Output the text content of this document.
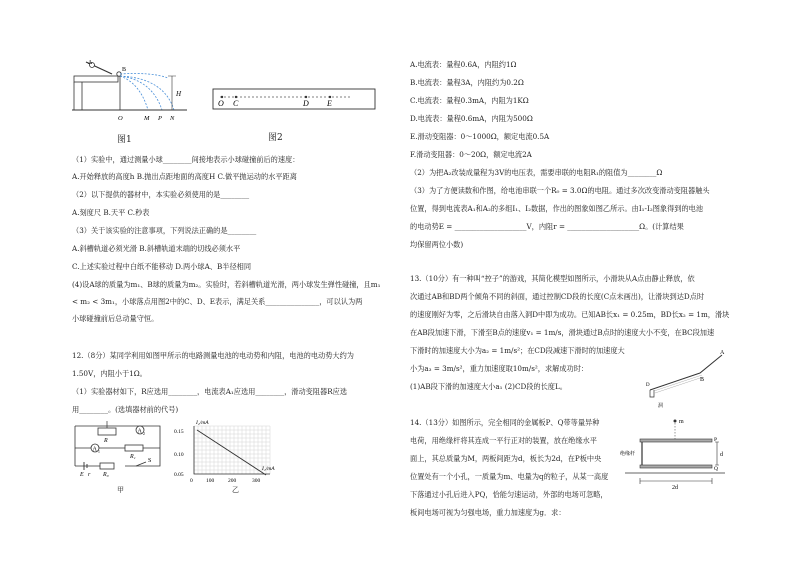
A
B
H
O	M P N
图1
O C	D E
图2
（1）实验中，通过测量小球________间接地表示小球碰撞前后的速度：
A.开始释放的高度h B.抛出点距地面的高度H C.做平抛运动的水平距离
（2）以下提供的器材中，本实验必须使用的是________
A.刻度尺 B.天平 C.秒表
（3）关于该实验的注意事项，下列说法正确的是________
A.斜槽轨道必须光滑 B.斜槽轨道末端的切线必须水平
C.上述实验过程中白纸不能移动 D.两小球A、B半径相同
(4)设A球的质量为m₁、B球的质量为m₂。实验时，若斜槽轨道光滑，两小球发生弹性碰撞，且m₁
< m₂ < 3m₁，小球落点用图2中的C、D、E表示，满足关系_______________，可以认为两
小球碰撞前后总动量守恒。
12.（8分）某同学利用如图甲所示的电路测量电池的电动势和内阻，电池的电动势大约为
1.50V，内阻小于1Ω。
（1）实验器材如下，R应选用________，电流表A₁应选用________，滑动变阻器R应选
用________。(选填器材前的代号)
A 2
R
A 1
R₁
S
E r R₀
甲
0.15
0.10
0.05
0 100	200	300
I₂/mA
I₁/mA
乙
A.电流表：量程0.6A，内阻约1Ω
B.电流表：量程3A，内阻约为0.2Ω
C.电流表：量程0.3mA，内阻为1KΩ
D.电流表：量程0.6mA，内阻为500Ω
E.滑动变阻器：0～1000Ω，额定电流0.5A
F.滑动变阻器：0～20Ω，额定电流2A
（2）为把A₂改装成量程为3V的电压表，需要串联的电阻R₁的阻值为________Ω
（3）为了方便读数和作图，给电池串联一个R₀ = 3.0Ω的电阻。通过多次改变滑动变阻器触头
位置，得到电流表A₁和A₂的多组I₁、I₂数据，作出的图象如图乙所示。由I₁-I₂图象得到的电池
的电动势E = ____________________V，内阻r = ____________________Ω。(计算结果
均保留两位小数)
13.（10分）有一种叫“控子”的游戏，其简化模型如图所示，小滑块从A点由静止释放，依
次通过AB和BD两个倾角不同的斜面，通过控制CD段的长度(C点未画出)，让滑块到达D点时
的速度刚好为零，之后滑块自由落入洞D中即为成功。已知AB长x₁ = 0.25m，BD长x₂ = 1m，滑块
在AB段加速下滑，下滑至B点的速度v₁ = 1m/s，滑块通过B点时的速度大小不变，在BC段加速
下滑时的加速度大小为a₂ = 1m/s²；在CD段减速下滑时的加速度大
小为a₃ = 3m/s²，重力加速度取10m/s²，求解成功时：
(1)AB段下滑的加速度大小a₁ (2)CD段的长度L。
A
B
D
洞
14.（13分）如图所示，完全相同的金属板P、Q带等量异种
电荷，用绝缘杆将其连成一平行正对的装置，放在绝缘水平
面上，其总质量为M，两板间距为d，板长为2d，在P板中央
位置处有一个小孔，一质量为m、电量为q的粒子，从某一高度
下落通过小孔后进入PQ，恰能匀速运动，外部的电场可忽略，
板间电场可视为匀强电场，重力加速度为g．求：
m
d
P
Q
绝缘杆
2d
